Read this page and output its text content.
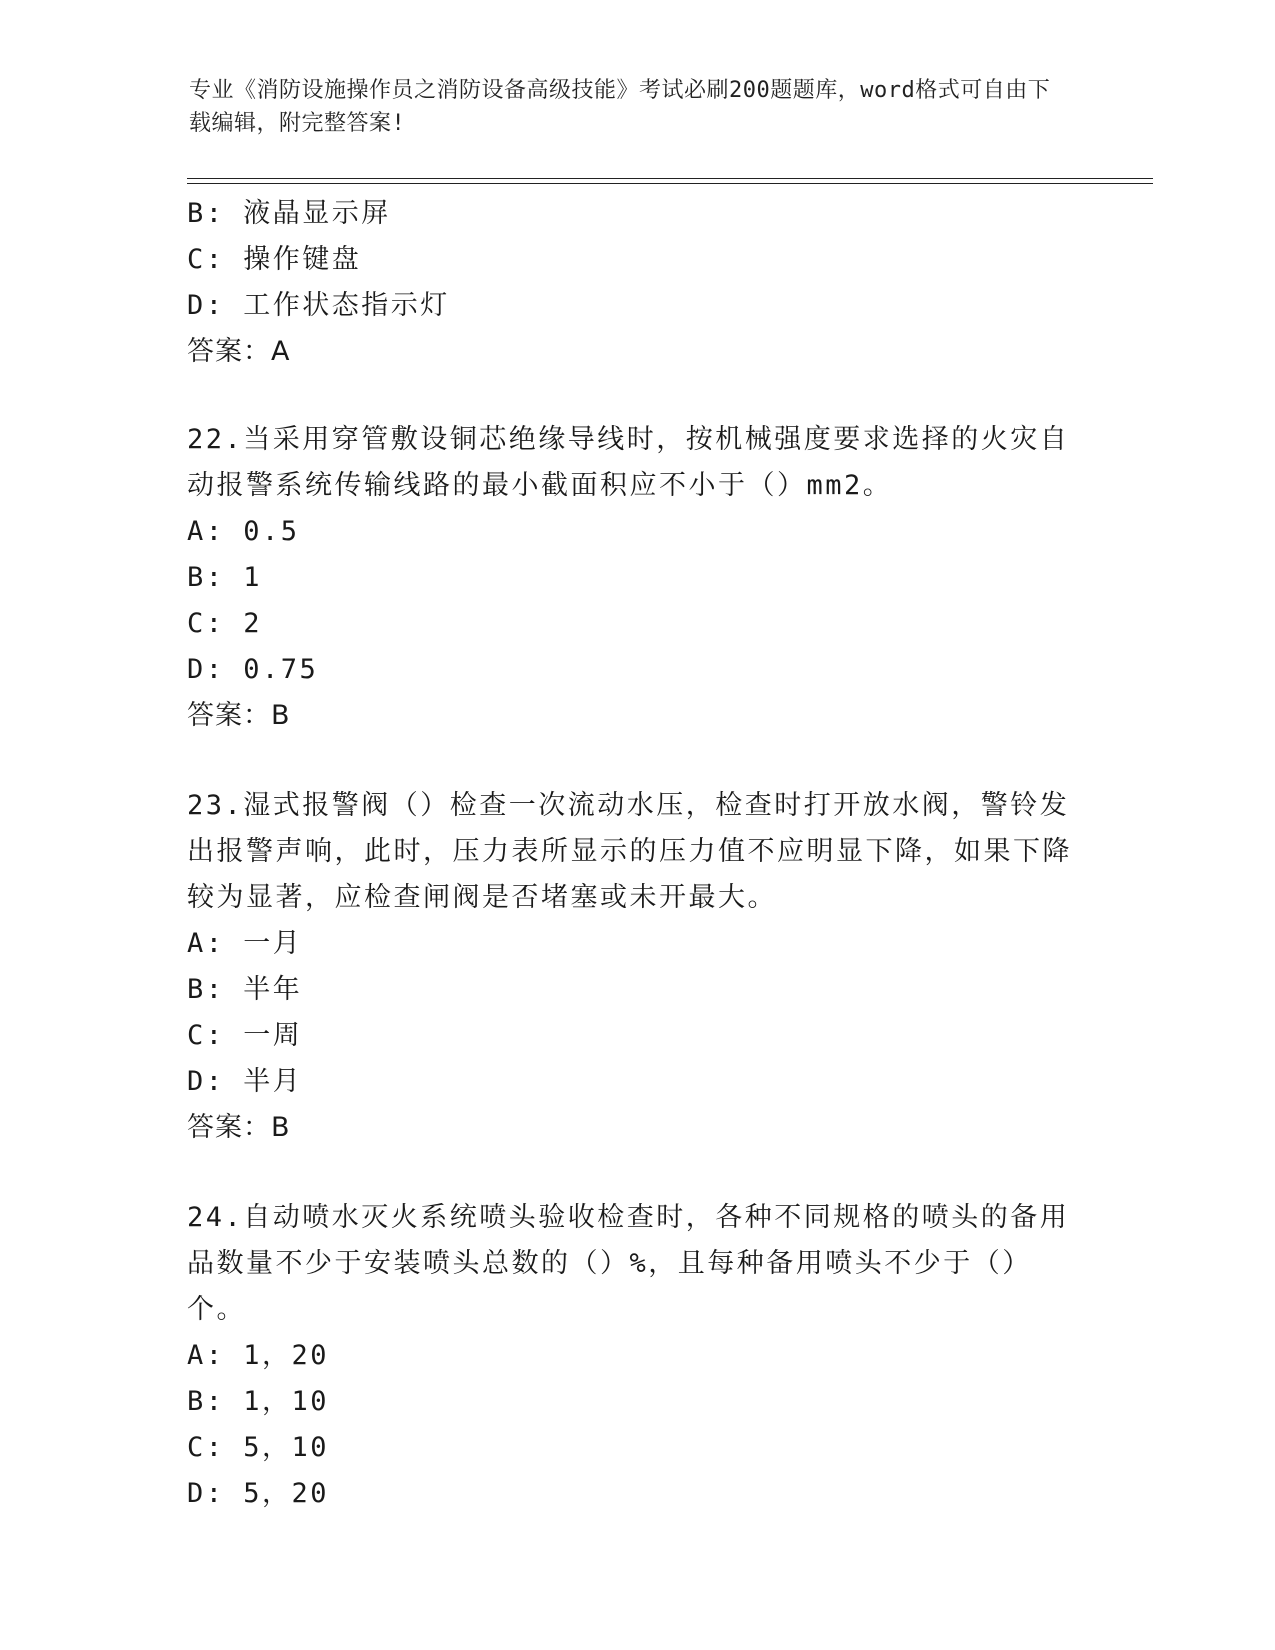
专业《消防设施操作员之消防设备高级技能》考试必刷200题题库，word格式可自由下载编辑，附完整答案!
B: 液晶显示屏
C: 操作键盘
D: 工作状态指示灯
答案：A
22.当采用穿管敷设铜芯绝缘导线时，按机械强度要求选择的火灾自动报警系统传输线路的最小截面积应不小于（）mm2。
A: 0.5
B: 1
C: 2
D: 0.75
答案：B
23.湿式报警阀（）检查一次流动水压，检查时打开放水阀，警铃发出报警声响，此时，压力表所显示的压力值不应明显下降，如果下降较为显著，应检查闸阀是否堵塞或未开最大。
A: 一月
B: 半年
C: 一周
D: 半月
答案：B
24.自动喷水灭火系统喷头验收检查时，各种不同规格的喷头的备用品数量不少于安装喷头总数的（）%，且每种备用喷头不少于（）个。
A: 1，20
B: 1，10
C: 5，10
D: 5，20
